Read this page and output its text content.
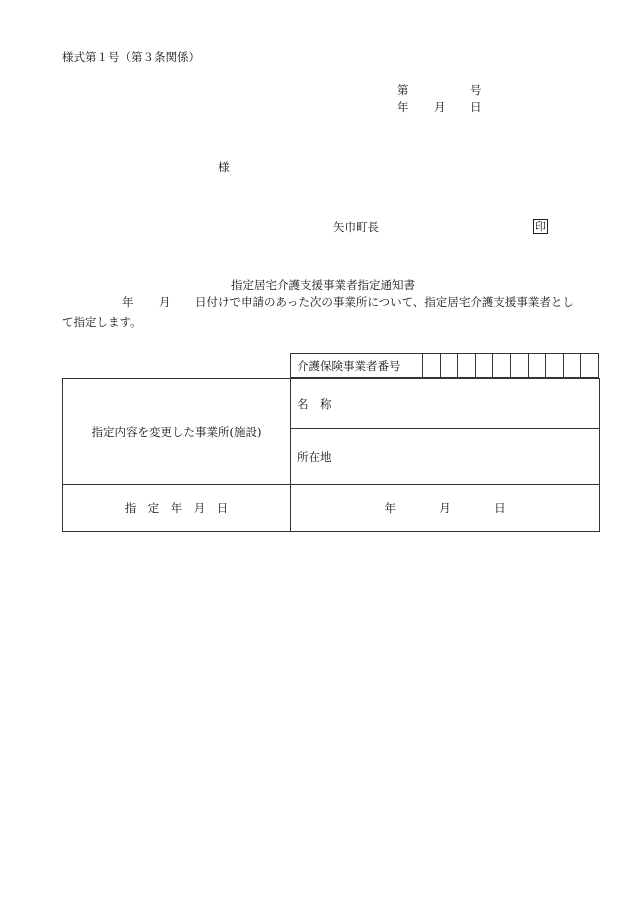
様式第１号（第３条関係）
第	号
年 月 日
様
矢巾町長	印
指定居宅介護支援事業者指定通知書
年 月 日付けで申請のあった次の事業所について、指定居宅介護支援事業者とし
て指定します。
介護保険事業者番号										
指定内容を変更した事業所(施設)	名　称
	所在地
指　定　年　月　日	年 月 日
